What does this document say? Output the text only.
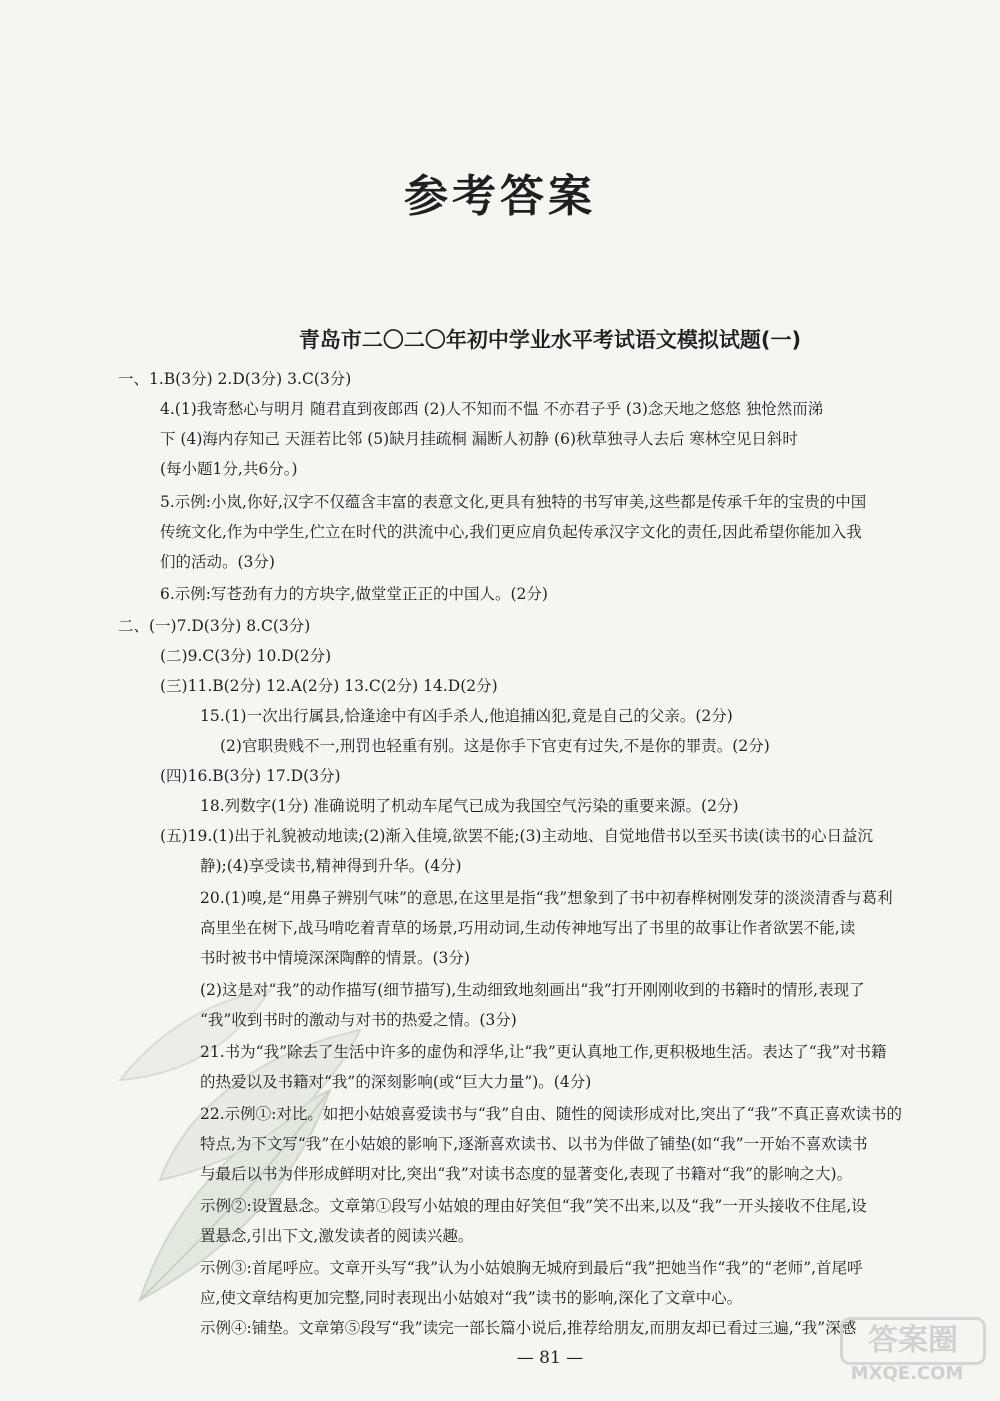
参考答案
青岛市二〇二〇年初中学业水平考试语文模拟试题(一)
一、1.B(3分) 2.D(3分) 3.C(3分)
4.(1)我寄愁心与明月 随君直到夜郎西 (2)人不知而不愠 不亦君子乎 (3)念天地之悠悠 独怆然而涕
下 (4)海内存知己 天涯若比邻 (5)缺月挂疏桐 漏断人初静 (6)秋草独寻人去后 寒林空见日斜时
(每小题1分,共6分。)
5.示例:小岚,你好,汉字不仅蕴含丰富的表意文化,更具有独特的书写审美,这些都是传承千年的宝贵的中国
传统文化,作为中学生,伫立在时代的洪流中心,我们更应肩负起传承汉字文化的责任,因此希望你能加入我
们的活动。(3分)
6.示例:写苍劲有力的方块字,做堂堂正正的中国人。(2分)
二、(一)7.D(3分) 8.C(3分)
(二)9.C(3分) 10.D(2分)
(三)11.B(2分) 12.A(2分) 13.C(2分) 14.D(2分)
15.(1)一次出行属县,恰逢途中有凶手杀人,他追捕凶犯,竟是自己的父亲。(2分)
(2)官职贵贱不一,刑罚也轻重有别。这是你手下官吏有过失,不是你的罪责。(2分)
(四)16.B(3分) 17.D(3分)
18.列数字(1分) 准确说明了机动车尾气已成为我国空气污染的重要来源。(2分)
(五)19.(1)出于礼貌被动地读;(2)渐入佳境,欲罢不能;(3)主动地、自觉地借书以至买书读(读书的心日益沉
静);(4)享受读书,精神得到升华。(4分)
20.(1)嗅,是“用鼻子辨别气味”的意思,在这里是指“我”想象到了书中初春桦树刚发芽的淡淡清香与葛利
高里坐在树下,战马啃吃着青草的场景,巧用动词,生动传神地写出了书里的故事让作者欲罢不能,读
书时被书中情境深深陶醉的情景。(3分)
(2)这是对“我”的动作描写(细节描写),生动细致地刻画出“我”打开刚刚收到的书籍时的情形,表现了
“我”收到书时的激动与对书的热爱之情。(3分)
21.书为“我”除去了生活中许多的虚伪和浮华,让“我”更认真地工作,更积极地生活。表达了“我”对书籍
的热爱以及书籍对“我”的深刻影响(或“巨大力量”)。(4分)
22.示例①:对比。如把小姑娘喜爱读书与“我”自由、随性的阅读形成对比,突出了“我”不真正喜欢读书的
特点,为下文写“我”在小姑娘的影响下,逐渐喜欢读书、以书为伴做了铺垫(如“我”一开始不喜欢读书
与最后以书为伴形成鲜明对比,突出“我”对读书态度的显著变化,表现了书籍对“我”的影响之大)。
示例②:设置悬念。文章第①段写小姑娘的理由好笑但“我”笑不出来,以及“我”一开头接收不住尾,设
置悬念,引出下文,激发读者的阅读兴趣。
示例③:首尾呼应。文章开头写“我”认为小姑娘胸无城府到最后“我”把她当作“我”的“老师”,首尾呼
应,使文章结构更加完整,同时表现出小姑娘对“我”读书的影响,深化了文章中心。
示例④:铺垫。文章第⑤段写“我”读完一部长篇小说后,推荐给朋友,而朋友却已看过三遍,“我”深感
— 81 —	答案圈
MXQE.COM
